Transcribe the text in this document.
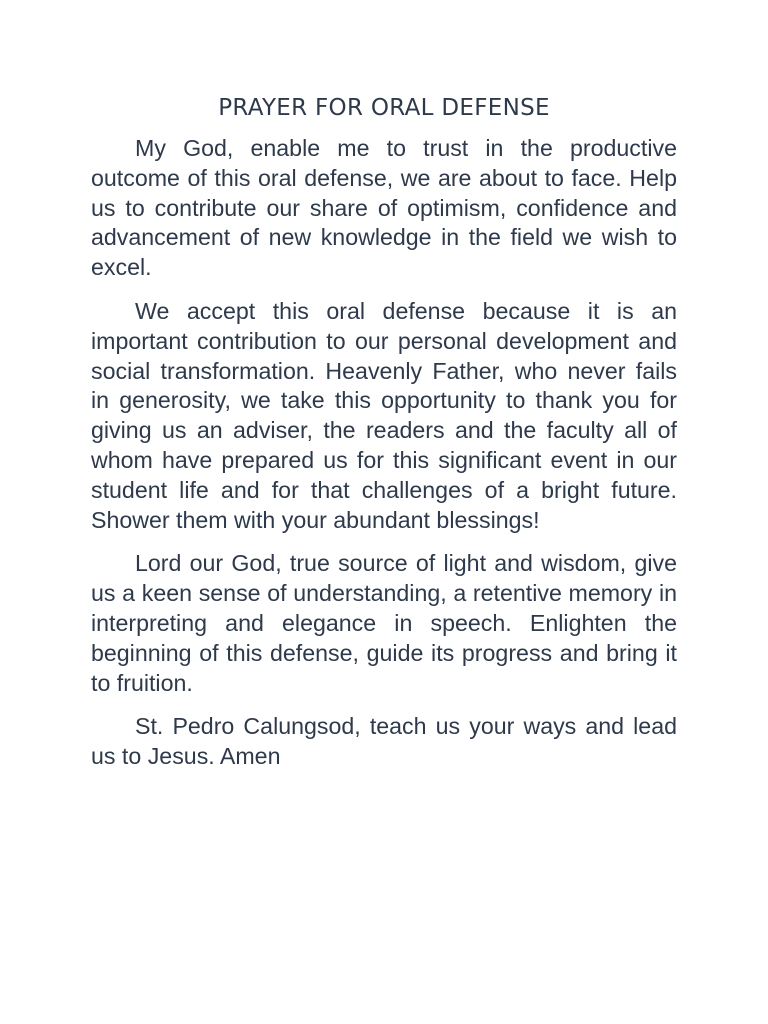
PRAYER FOR ORAL DEFENSE

My God, enable me to trust in the productive outcome of this oral defense, we are about to face. Help us to contribute our share of optimism, confidence and advancement of new knowledge in the field we wish to excel.

We accept this oral defense because it is an important contribution to our personal development and social transformation. Heavenly Father, who never fails in generosity, we take this opportunity to thank you for giving us an adviser, the readers and the faculty all of whom have prepared us for this significant event in our student life and for that challenges of a bright future. Shower them with your abundant blessings!

Lord our God, true source of light and wisdom, give us a keen sense of understanding, a retentive memory in interpreting and elegance in speech. Enlighten the beginning of this defense, guide its progress and bring it to fruition.

St. Pedro Calungsod, teach us your ways and lead us to Jesus. Amen
